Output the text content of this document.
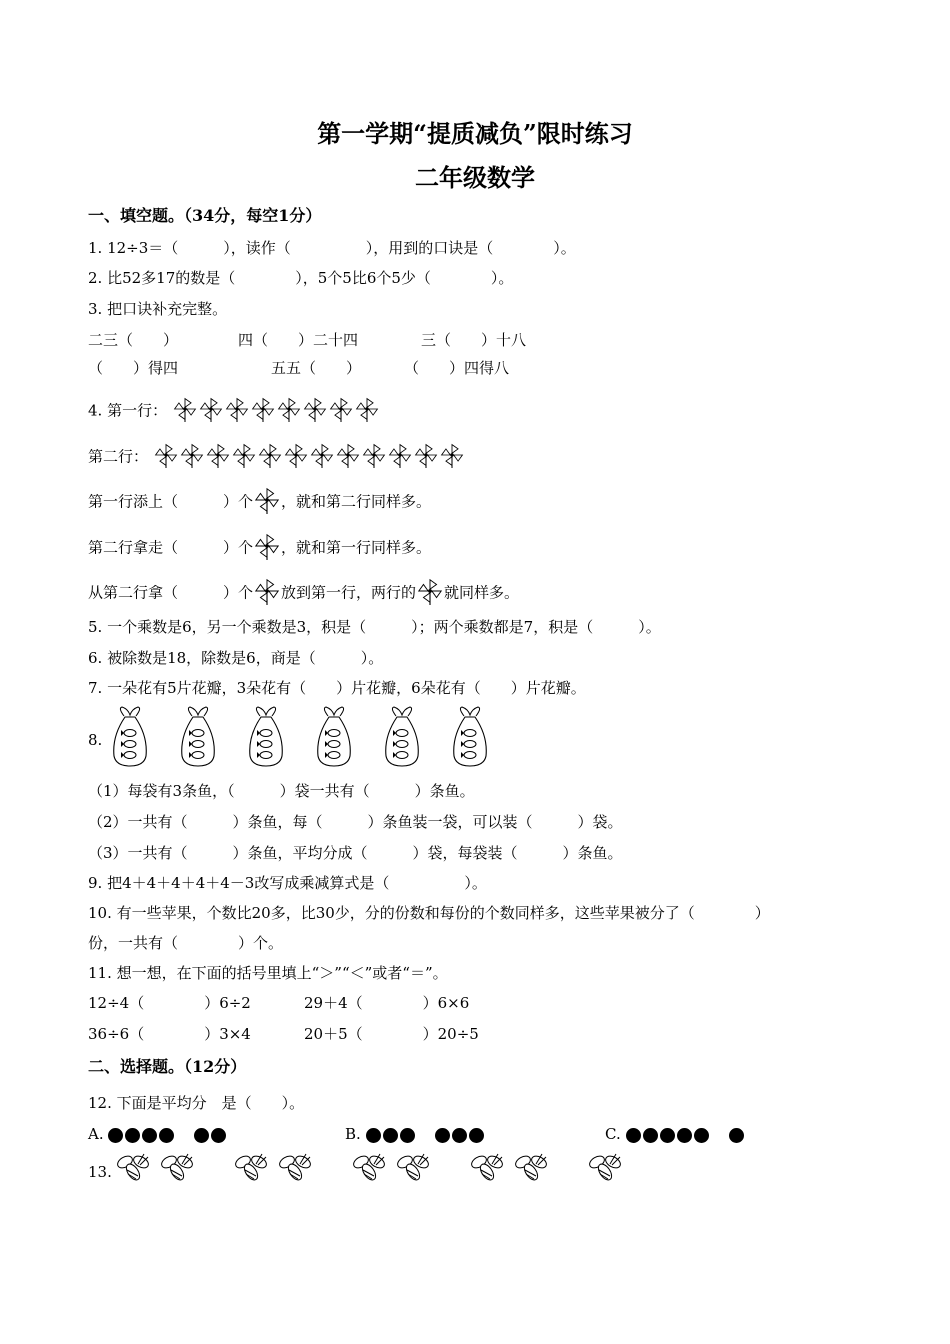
第一学期“提质减负”限时练习
二年级数学
一、填空题。（34分，每空1分）
1. 12÷3＝（　　　），读作（　　　　　），用到的口诀是（　　　　）。
2. 比52多17的数是（　　　　），5个5比6个5少（　　　　）。
3. 把口诀补充完整。
二三（　　）	四（　　）二十四	三（　　）十八
（　　）得四	五五（　　）	（　　）四得八
4. 第一行：
第二行：
第一行添上（　　　）个 ，就和第二行同样多。
第二行拿走（　　　）个 ，就和第一行同样多。
从第二行拿（　　　）个 放到第一行，两行的 就同样多。
5. 一个乘数是6，另一个乘数是3，积是（　　　）；两个乘数都是7，积是（　　　）。
6. 被除数是18，除数是6，商是（　　　）。
7. 一朵花有5片花瓣，3朵花有（　　）片花瓣，6朵花有（　　）片花瓣。
8.
（1）每袋有3条鱼，（　　　）袋一共有（　　　）条鱼。
（2）一共有（　　　）条鱼，每（　　　）条鱼装一袋，可以装（　　　）袋。
（3）一共有（　　　）条鱼，平均分成（　　　）袋，每袋装（　　　）条鱼。
9. 把4＋4＋4＋4＋4－3改写成乘减算式是（　　　　　）。
10. 有一些苹果，个数比20多，比30少，分的份数和每份的个数同样多，这些苹果被分了（　　　　）
份，一共有（　　　　）个。
11. 想一想，在下面的括号里填上“＞”“＜”或者“＝”。
12÷4（　　　　）6÷2	29＋4（　　　　）6×6
36÷6（　　　　）3×4	20＋5（　　　　）20÷5
二、选择题。（12分）
12. 下面是平均分　是（　　）。
A.	B.	C.
13.
